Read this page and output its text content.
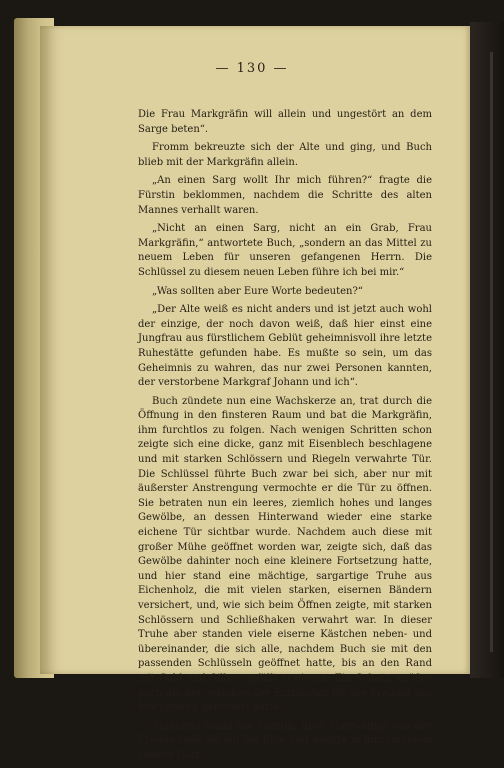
— 130 —

Die Frau Markgräfin will allein und ungestört an dem Sarge beten“.

Fromm bekreuzte sich der Alte und ging, und Buch blieb mit der Markgräfin allein.

„An einen Sarg wollt Ihr mich führen?“ fragte die Fürstin beklommen, nachdem die Schritte des alten Mannes verhallt waren.

„Nicht an einen Sarg, nicht an ein Grab, Frau Markgräfin,“ antwortete Buch, „sondern an das Mittel zu neuem Leben für unseren gefangenen Herrn. Die Schlüssel zu diesem neuen Leben führe ich bei mir.“

„Was sollten aber Eure Worte bedeuten?“

„Der Alte weiß es nicht anders und ist jetzt auch wohl der einzige, der noch davon weiß, daß hier einst eine Jungfrau aus fürstlichem Geblüt geheimnisvoll ihre letzte Ruhestätte gefunden habe. Es mußte so sein, um das Geheimnis zu wahren, das nur zwei Personen kannten, der verstorbene Markgraf Johann und ich“.

Buch zündete nun eine Wachskerze an, trat durch die Öffnung in den finsteren Raum und bat die Markgräfin, ihm furchtlos zu folgen. Nach wenigen Schritten schon zeigte sich eine dicke, ganz mit Eisenblech beschlagene und mit starken Schlössern und Riegeln verwahrte Tür. Die Schlüssel führte Buch zwar bei sich, aber nur mit äußerster Anstrengung vermochte er die Tür zu öffnen. Sie betraten nun ein leeres, ziemlich hohes und langes Gewölbe, an dessen Hinterwand wieder eine starke eichene Tür sichtbar wurde. Nachdem auch diese mit großer Mühe geöffnet worden war, zeigte sich, daß das Gewölbe dahinter noch eine kleinere Fortsetzung hatte, und hier stand eine mächtige, sargartige Truhe aus Eichenholz, die mit vielen starken, eisernen Bändern versichert, und, wie sich beim Öffnen zeigte, mit starken Schlössern und Schließhaken verwahrt war. In dieser Truhe aber standen viele eiserne Kästchen neben- und übereinander, die sich alle, nachdem Buch sie mit den passenden Schlüsseln geöffnet hatte, bis an den Rand mit Gold und Silber gefüllt erwiesen. Ein Schatz, größer noch als der, welchen der Erzbischof für die Freiheit des Markgrafen gefordert hatte.

Staunend stand die Fürstin; aber überwältigt von der Freude sank sie auf die Knie und dankte in inbrünstigem Gebete Gott
